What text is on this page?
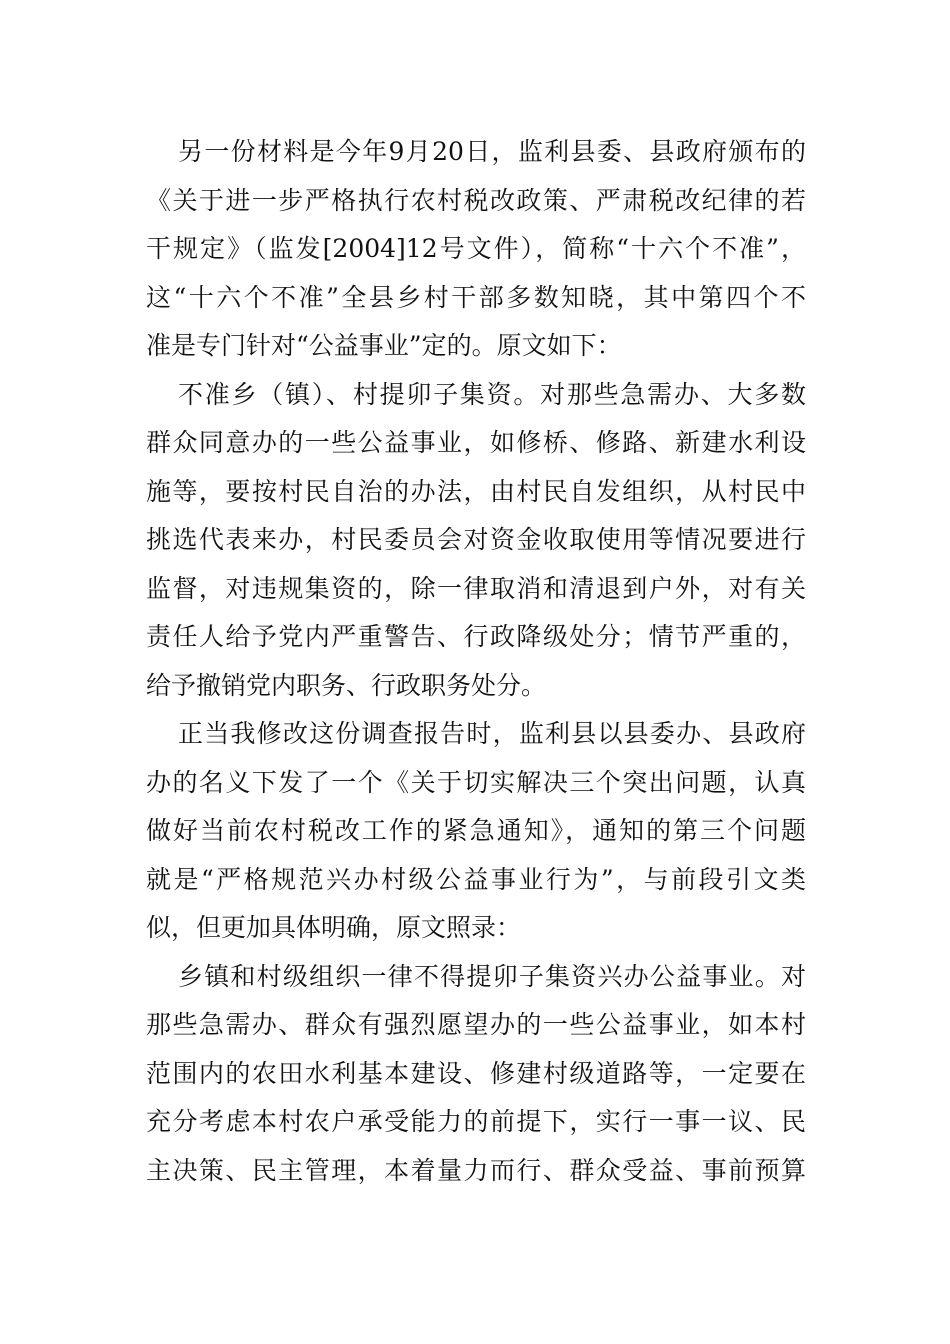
另一份材料是今年9月20日，监利县委、县政府颁布的
《关于进一步严格执行农村税改政策、严肃税改纪律的若
干规定》（监发[2004]12号文件），简称“十六个不准”，
这“十六个不准”全县乡村干部多数知晓，其中第四个不
准是专门针对“公益事业”定的。原文如下：
不准乡（镇）、村提卯子集资。对那些急需办、大多数
群众同意办的一些公益事业，如修桥、修路、新建水利设
施等，要按村民自治的办法，由村民自发组织，从村民中
挑选代表来办，村民委员会对资金收取使用等情况要进行
监督，对违规集资的，除一律取消和清退到户外，对有关
责任人给予党内严重警告、行政降级处分；情节严重的，
给予撤销党内职务、行政职务处分。
正当我修改这份调查报告时，监利县以县委办、县政府
办的名义下发了一个《关于切实解决三个突出问题，认真
做好当前农村税改工作的紧急通知》，通知的第三个问题
就是“严格规范兴办村级公益事业行为”，与前段引文类
似，但更加具体明确，原文照录：
乡镇和村级组织一律不得提卯子集资兴办公益事业。对
那些急需办、群众有强烈愿望办的一些公益事业，如本村
范围内的农田水利基本建设、修建村级道路等，一定要在
充分考虑本村农户承受能力的前提下，实行一事一议、民
主决策、民主管理，本着量力而行、群众受益、事前预算
